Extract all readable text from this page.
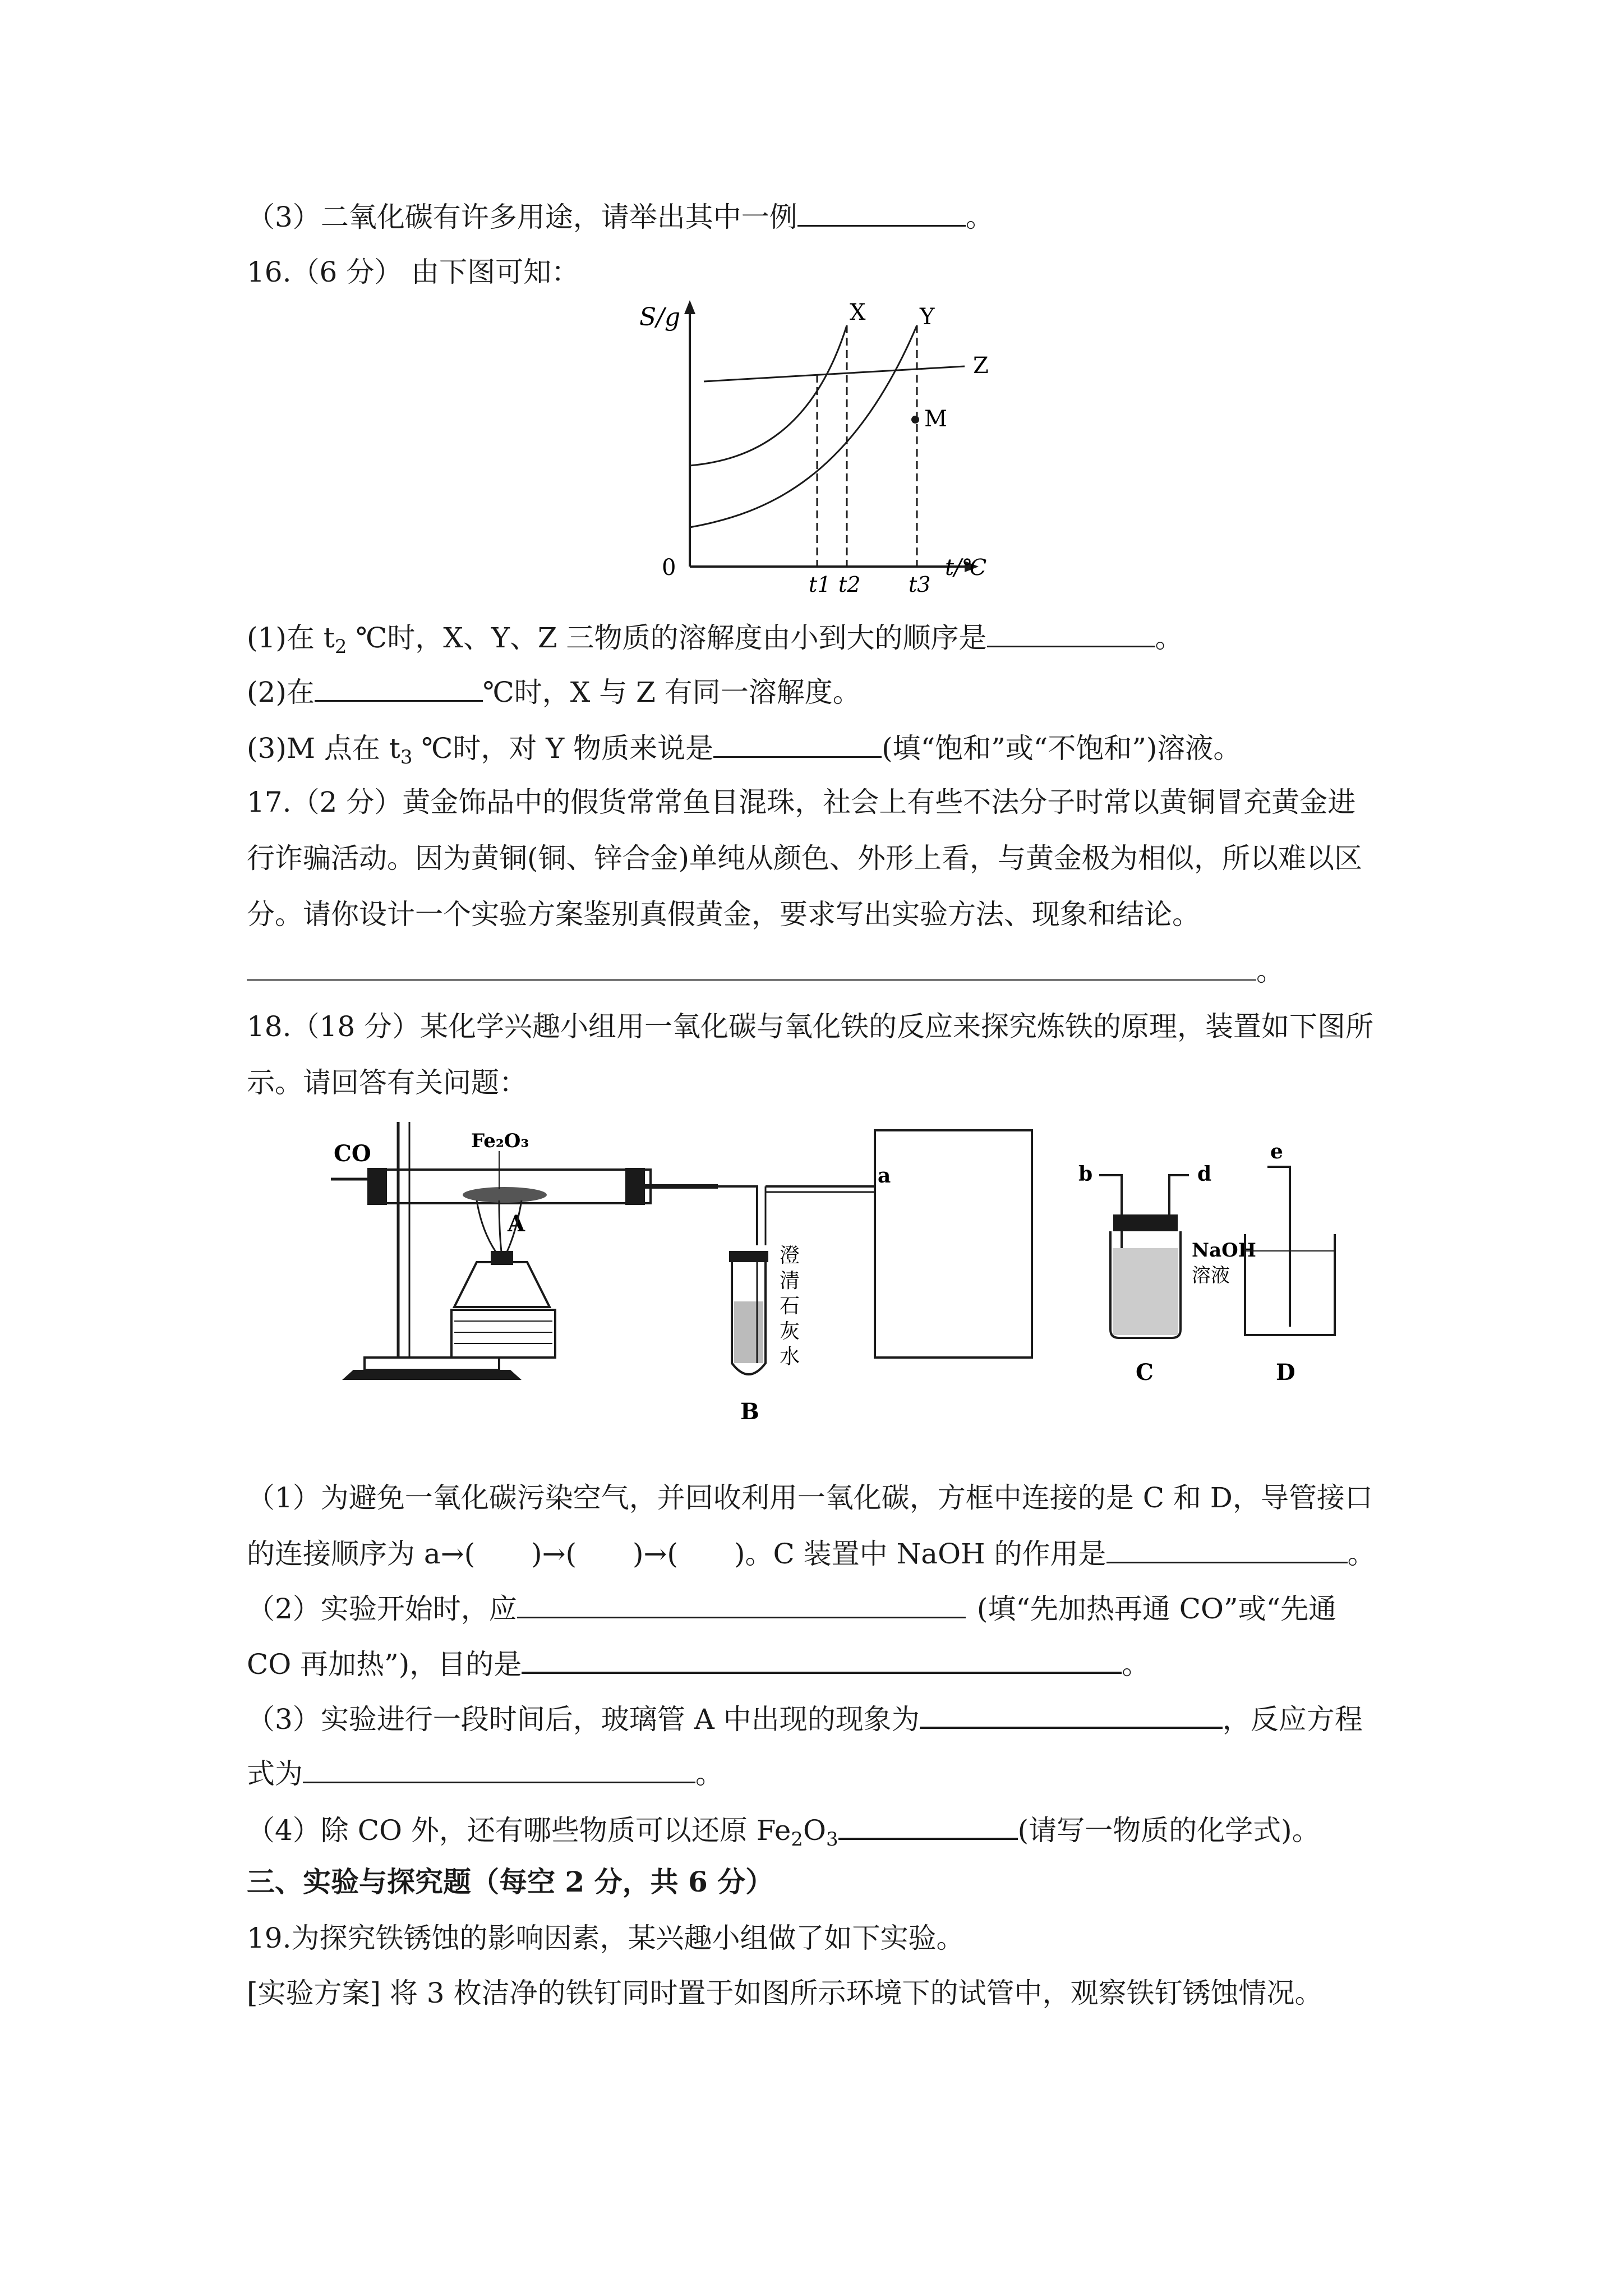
（3）二氧化碳有许多用途，请举出其中一例	。
16.（6 分） 由下图可知：
S/g
0
X Y
Z
M
t1 t2 t3
t/℃
(1)在 $t_2$ ℃时，X、Y、Z 三物质的溶解度由小到大的顺序是	。
(2)在	℃时，X 与 Z 有同一溶解度。
(3)M 点在 $t_3$ ℃时，对 Y 物质来说是	(填“饱和”或“不饱和”)溶液。
17.（2 分）黄金饰品中的假货常常鱼目混珠，社会上有些不法分子时常以黄铜冒充黄金进
行诈骗活动。因为黄铜(铜、锌合金)单纯从颜色、外形上看，与黄金极为相似，所以难以区
分。请你设计一个实验方案鉴别真假黄金，要求写出实验方法、现象和结论。
。
18.（18 分）某化学兴趣小组用一氧化碳与氧化铁的反应来探究炼铁的原理，装置如下图所
示。请回答有关问题：
CO	Fe₂O₃
A
B
澄
清
石
灰
水
a	b	d
NaOH
溶液
C
e
D
（1）为避免一氧化碳污染空气，并回收利用一氧化碳，方框中连接的是 C 和 D，导管接口
的连接顺序为 a→( )→( )→( )。C 装置中 NaOH 的作用是	。
（2）实验开始时，应	(填“先加热再通 CO”或“先通
CO 再加热”)，目的是	。
（3）实验进行一段时间后，玻璃管 A 中出现的现象为	，反应方程
式为	。
（4）除 CO 外，还有哪些物质可以还原 $Fe_2O_3$	(请写一物质的化学式)。
三、实验与探究题（每空 2 分，共 6 分）
19.为探究铁锈蚀的影响因素，某兴趣小组做了如下实验。
[实验方案] 将 3 枚洁净的铁钉同时置于如图所示环境下的试管中，观察铁钉锈蚀情况。
